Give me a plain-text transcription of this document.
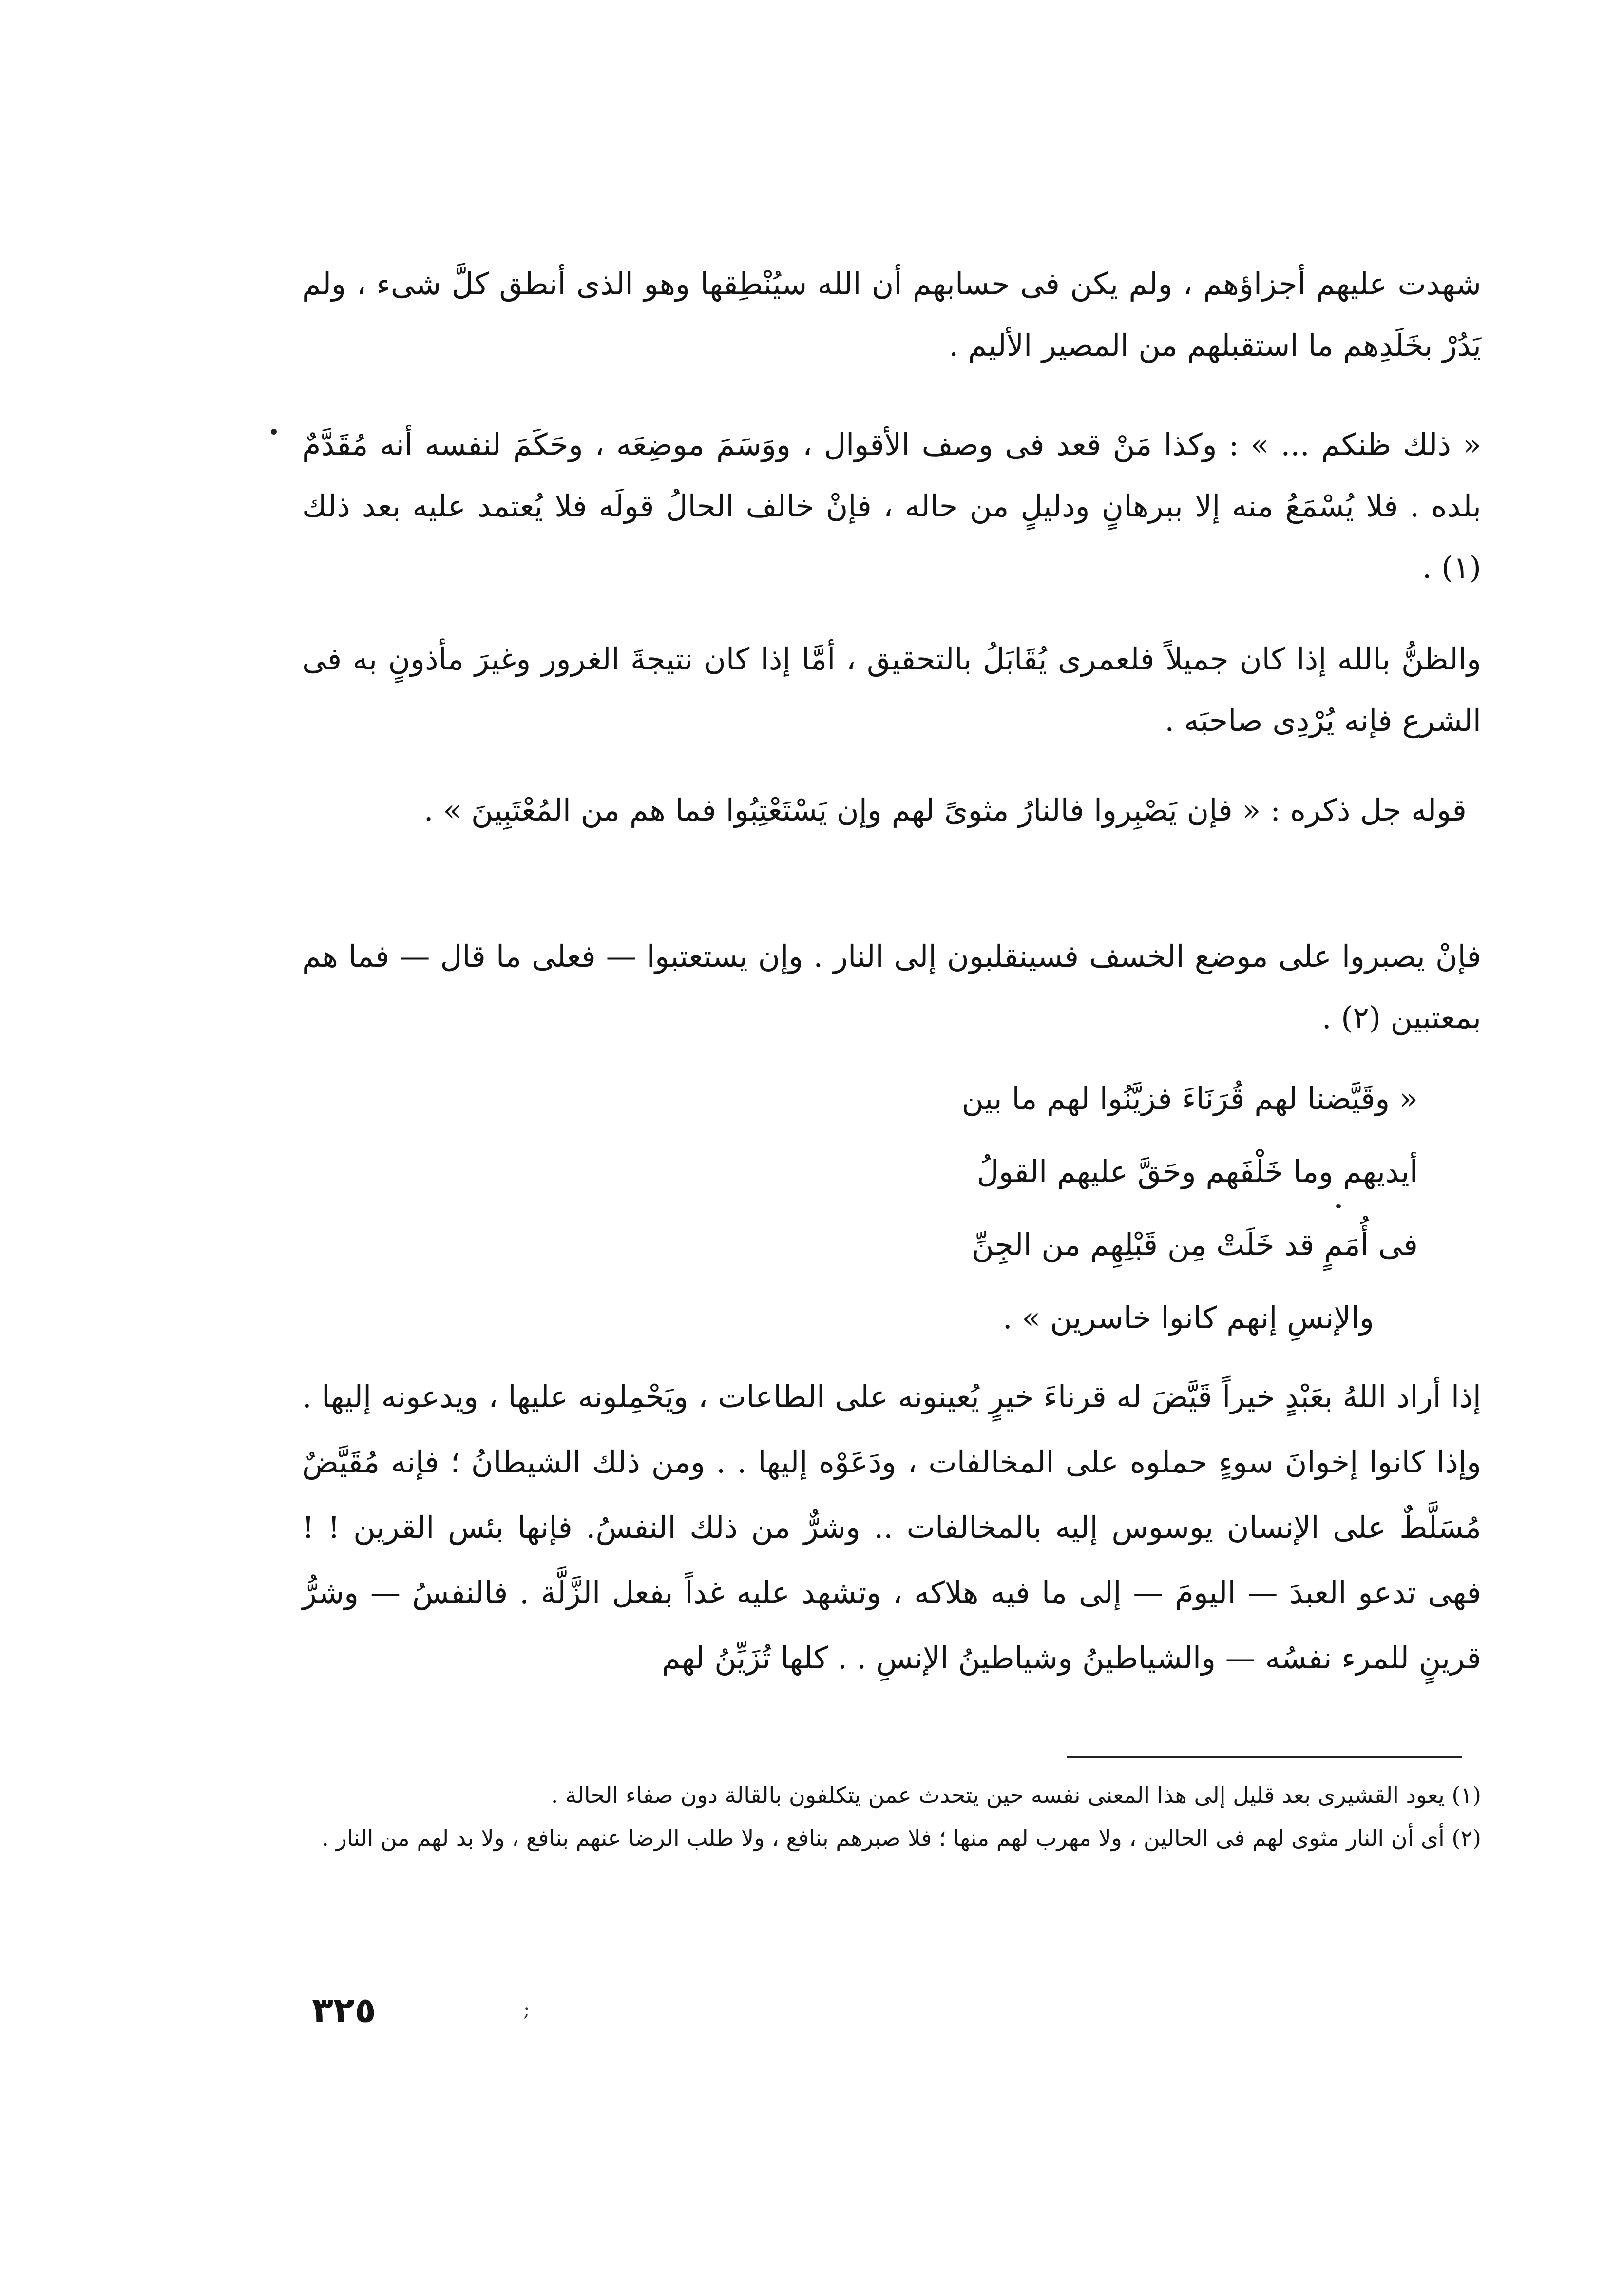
شهدت عليهم أجزاؤهم ، ولم يكن فى حسابهم أن الله سيُنْطِقها وهو الذى أنطق كلَّ شىء ، ولم يَدُرْ بخَلَدِهم ما استقبلهم من المصير الأليم .
« ذلك ظنكم ... » : وكذا مَنْ قعد فى وصف الأقوال ، ووَسَمَ موضِعَه ، وحَكَمَ لنفسه أنه مُقَدَّمٌ بلده . فلا يُسْمَعُ منه إلا ببرهانٍ ودليلٍ من حاله ، فإنْ خالف الحالُ قولَه فلا يُعتمد عليه بعد ذلك (١) .
والظنُّ بالله إذا كان جميلاً فلعمرى يُقَابَلُ بالتحقيق ، أمَّا إذا كان نتيجةَ الغرور وغيرَ مأذونٍ به فى الشرع فإنه يُرْدِى صاحبَه .
قوله جل ذكره : « فإن يَصْبِروا فالنارُ مثوىً لهم وإن يَسْتَعْتِبُوا فما هم من المُعْتَبِينَ » .
فإنْ يصبروا على موضع الخسف فسينقلبون إلى النار . وإن يستعتبوا — فعلى ما قال — فما هم بمعتبين (٢) .
« وقَيَّضنا لهم قُرَنَاءَ فزيَّنُوا لهم ما بين
أيديهم وما خَلْفَهم وحَقَّ عليهم القولُ
فى أُمَمٍ قد خَلَتْ مِن قَبْلِهِم من الجِنِّ
والإنسِ إنهم كانوا خاسرين » .
إذا أراد اللهُ بعَبْدٍ خيراً قَيَّضَ له قرناءَ خيرٍ يُعينونه على الطاعات ، ويَحْمِلونه عليها ، ويدعونه إليها . وإذا كانوا إخوانَ سوءٍ حملوه على المخالفات ، ودَعَوْه إليها . . ومن ذلك الشيطانُ ؛ فإنه مُقَيَّضٌ مُسَلَّطٌ على الإنسان يوسوس إليه بالمخالفات .. وشرٌّ من ذلك النفسُ. فإنها بئس القرين ! ! فهى تدعو العبدَ — اليومَ — إلى ما فيه هلاكه ، وتشهد عليه غداً بفعل الزَّلَّة . فالنفسُ — وشرُّ قرينٍ للمرء نفسُه — والشياطينُ وشياطينُ الإنسِ . . كلها تُزَيِّنُ لهم
(١) يعود القشيرى بعد قليل إلى هذا المعنى نفسه حين يتحدث عمن يتكلفون بالقالة دون صفاء الحالة .
(٢) أى أن النار مثوى لهم فى الحالين ، ولا مهرب لهم منها ؛ فلا صبرهم بنافع ، ولا طلب الرضا عنهم بنافع ، ولا بد لهم من النار .
٣٢٥	;
